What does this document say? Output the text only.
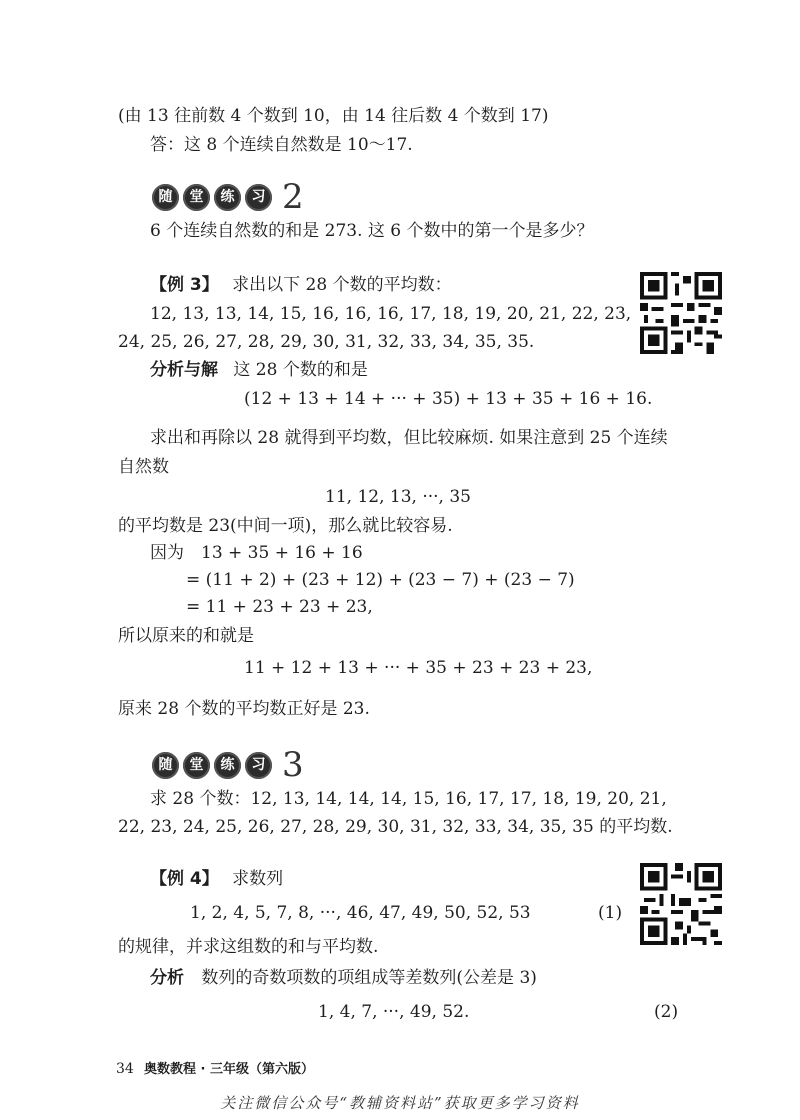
(由 13 往前数 4 个数到 10，由 14 往后数 4 个数到 17)
答：这 8 个连续自然数是 10～17.
随	堂	练	习 2
6 个连续自然数的和是 273. 这 6 个数中的第一个是多少？
【例 3】 求出以下 28 个数的平均数：
12, 13, 13, 14, 15, 16, 16, 16, 17, 18, 19, 20, 21, 22, 23,
24, 25, 26, 27, 28, 29, 30, 31, 32, 33, 34, 35, 35.
分析与解 这 28 个数的和是
(12 + 13 + 14 + ··· + 35) + 13 + 35 + 16 + 16.
求出和再除以 28 就得到平均数，但比较麻烦. 如果注意到 25 个连续
自然数
11, 12, 13, ···, 35
的平均数是 23(中间一项)，那么就比较容易.
因为　13 + 35 + 16 + 16
= (11 + 2) + (23 + 12) + (23 − 7) + (23 − 7)
= 11 + 23 + 23 + 23,
所以原来的和就是
11 + 12 + 13 + ··· + 35 + 23 + 23 + 23,
原来 28 个数的平均数正好是 23.
随	堂	练	习 3
求 28 个数：12, 13, 14, 14, 14, 15, 16, 17, 17, 18, 19, 20, 21,
22, 23, 24, 25, 26, 27, 28, 29, 30, 31, 32, 33, 34, 35, 35 的平均数.
【例 4】 求数列
1, 2, 4, 5, 7, 8, ···, 46, 47, 49, 50, 52, 53	(1)
的规律，并求这组数的和与平均数.
分析 数列的奇数项数的项组成等差数列(公差是 3)
1, 4, 7, ···, 49, 52.	(2)
34 奥数教程 · 三年级（第六版）
关注微信公众号“教辅资料站”获取更多学习资料
